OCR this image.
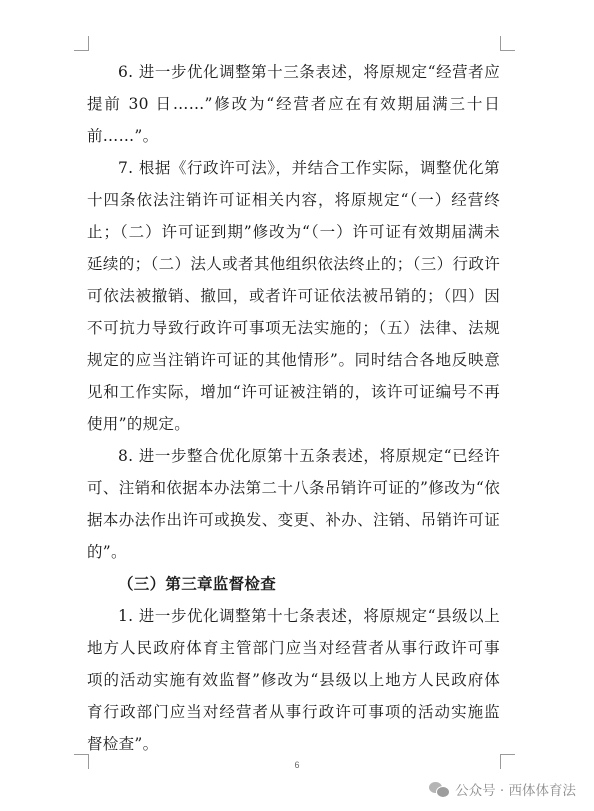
6. 进一步优化调整第十三条表述，将原规定“经营者应
提前 30 日……”修改为“经营者应在有效期届满三十日
前……”。
7. 根据《行政许可法》，并结合工作实际，调整优化第
十四条依法注销许可证相关内容，将原规定“（一）经营终
止；（二）许可证到期”修改为“（一）许可证有效期届满未
延续的；（二）法人或者其他组织依法终止的；（三）行政许
可依法被撤销、撤回，或者许可证依法被吊销的；（四）因
不可抗力导致行政许可事项无法实施的；（五）法律、法规
规定的应当注销许可证的其他情形”。同时结合各地反映意
见和工作实际，增加“许可证被注销的，该许可证编号不再
使用”的规定。
8. 进一步整合优化原第十五条表述，将原规定“已经许
可、注销和依据本办法第二十八条吊销许可证的”修改为“依
据本办法作出许可或换发、变更、补办、注销、吊销许可证
的”。
（三）第三章监督检查
1. 进一步优化调整第十七条表述，将原规定“县级以上
地方人民政府体育主管部门应当对经营者从事行政许可事
项的活动实施有效监督”修改为“县级以上地方人民政府体
育行政部门应当对经营者从事行政许可事项的活动实施监
督检查”。
6
公众号 · 西体体育法
